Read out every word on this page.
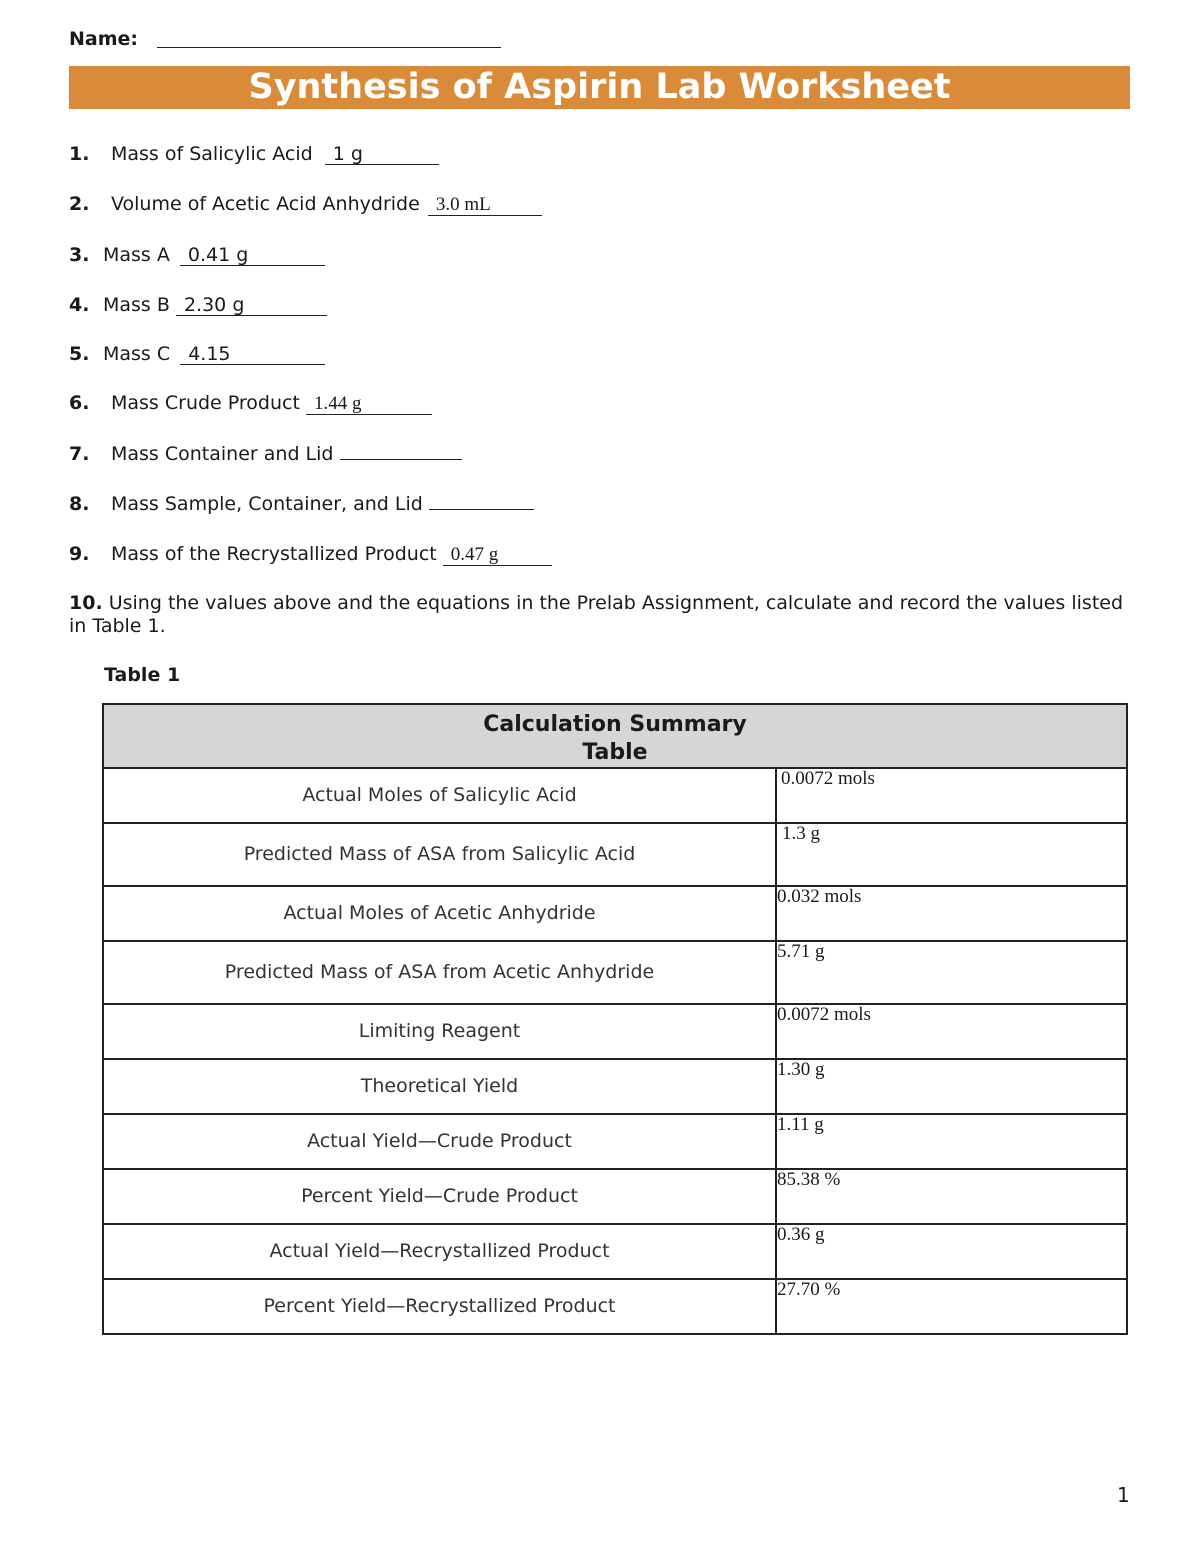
Name:
Synthesis of Aspirin Lab Worksheet
1. Mass of Salicylic Acid 1 g
2. Volume of Acetic Acid Anhydride 3.0 mL
3. Mass A 0.41 g
4. Mass B 2.30 g
5. Mass C 4.15
6. Mass Crude Product 1.44 g
7. Mass Container and Lid
8. Mass Sample, Container, and Lid
9. Mass of the Recrystallized Product 0.47 g
10. Using the values above and the equations in the Prelab Assignment, calculate and record the values listed in Table 1.
Table 1
Calculation Summary
Table	
Actual Moles of Salicylic Acid	0.0072 mols
Predicted Mass of ASA from Salicylic Acid	1.3 g
Actual Moles of Acetic Anhydride	0.032 mols
Predicted Mass of ASA from Acetic Anhydride	5.71 g
Limiting Reagent	0.0072 mols
Theoretical Yield	1.30 g
Actual Yield—Crude Product	1.11 g
Percent Yield—Crude Product	85.38 %
Actual Yield—Recrystallized Product	0.36 g
Percent Yield—Recrystallized Product	27.70 %
1
